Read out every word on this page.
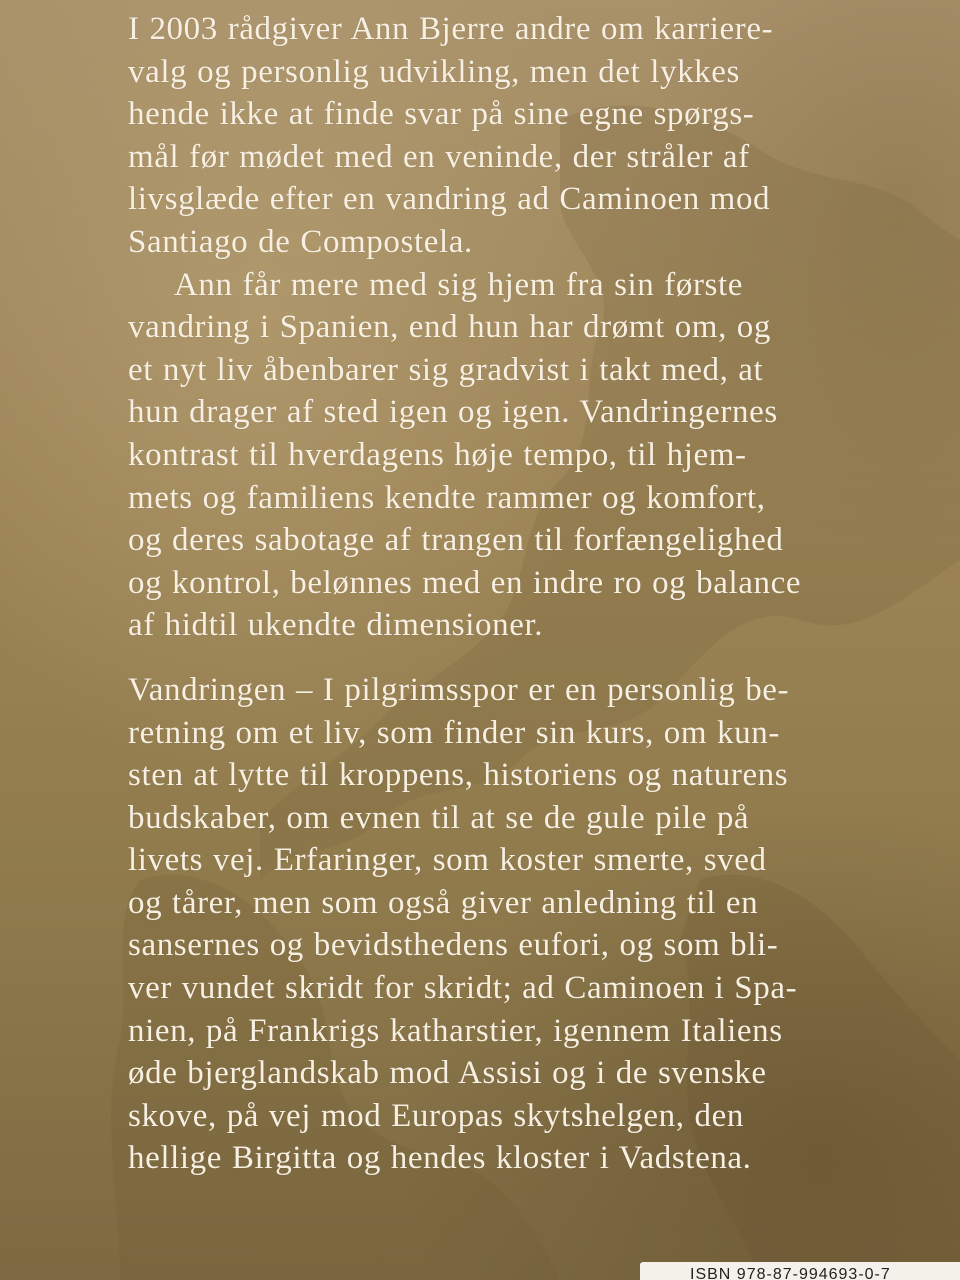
I 2003 rådgiver Ann Bjerre andre om karriere-
valg og personlig udvikling, men det lykkes
hende ikke at finde svar på sine egne spørgs-
mål før mødet med en veninde, der stråler af
livsglæde efter en vandring ad Caminoen mod
Santiago de Compostela.

Ann får mere med sig hjem fra sin første
vandring i Spanien, end hun har drømt om, og
et nyt liv åbenbarer sig gradvist i takt med, at
hun drager af sted igen og igen. Vandringernes
kontrast til hverdagens høje tempo, til hjem-
mets og familiens kendte rammer og komfort,
og deres sabotage af trangen til forfængelighed
og kontrol, belønnes med en indre ro og balance
af hidtil ukendte dimensioner.

Vandringen – I pilgrimsspor er en personlig be-
retning om et liv, som finder sin kurs, om kun-
sten at lytte til kroppens, historiens og naturens
budskaber, om evnen til at se de gule pile på
livets vej. Erfaringer, som koster smerte, sved
og tårer, men som også giver anledning til en
sansernes og bevidsthedens eufori, og som bli-
ver vundet skridt for skridt; ad Caminoen i Spa-
nien, på Frankrigs katharstier, igennem Italiens
øde bjerglandskab mod Assisi og i de svenske
skove, på vej mod Europas skytshelgen, den
hellige Birgitta og hendes kloster i Vadstena.

ISBN 978-87-994693-0-7
